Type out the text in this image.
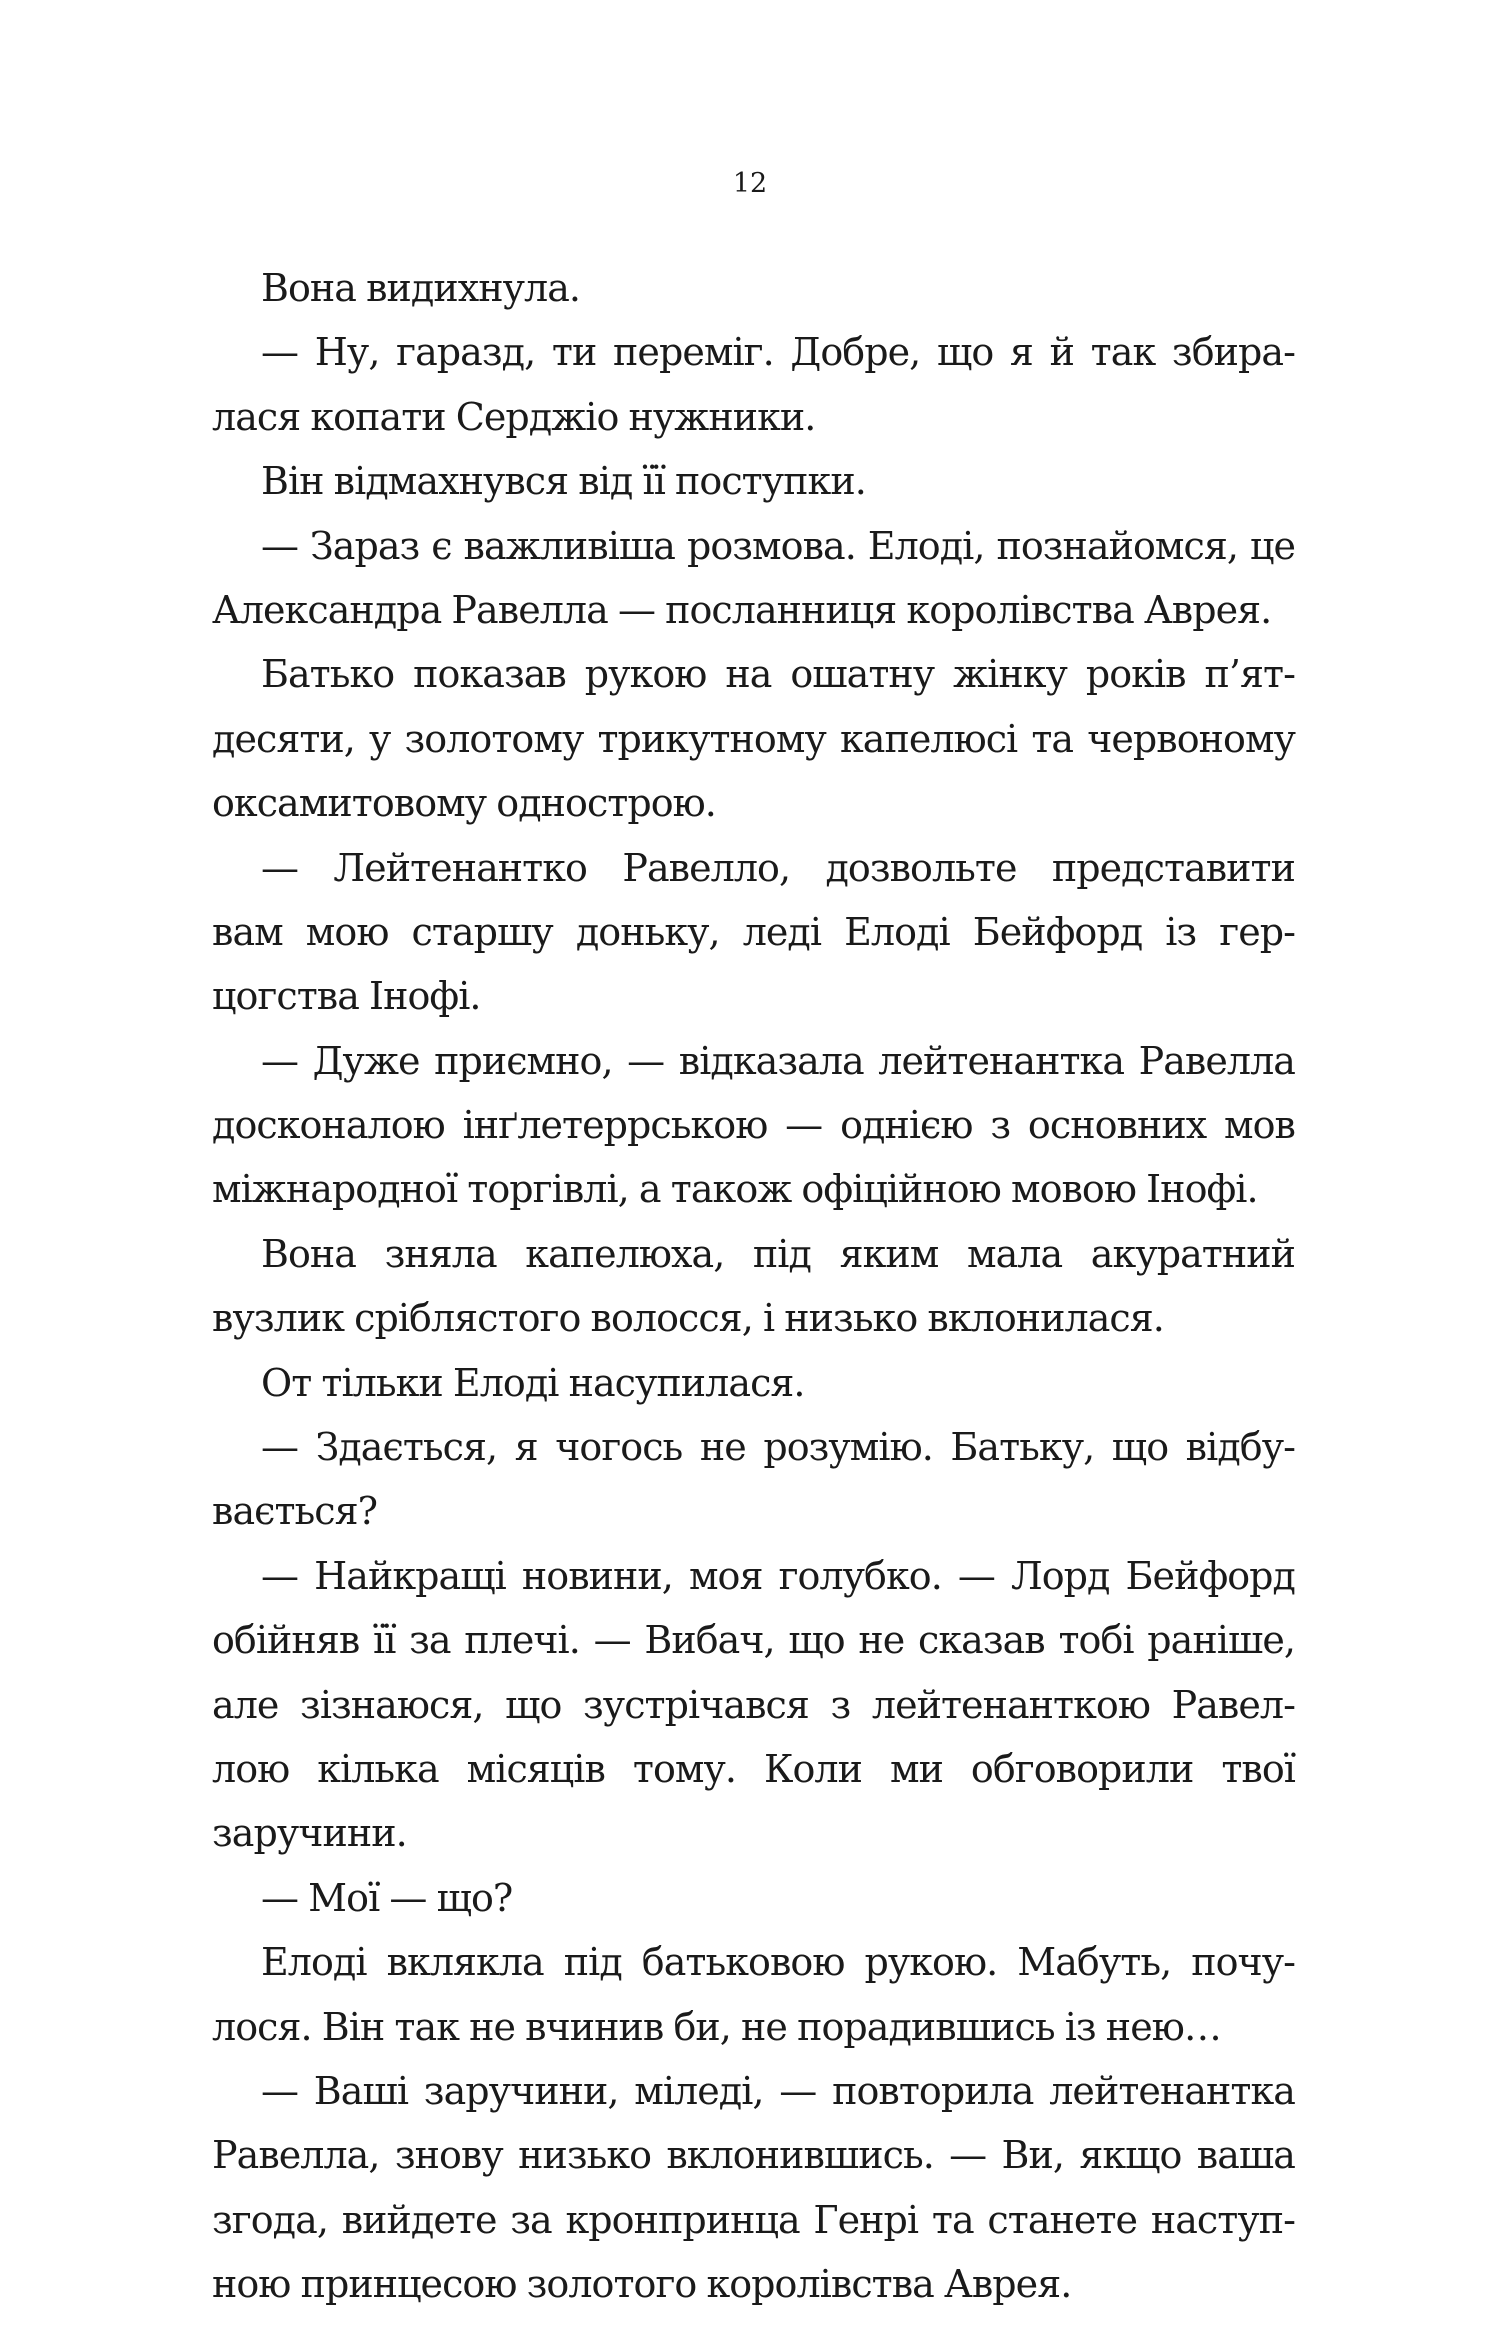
12
Вона видихнула.
— Ну, гаразд, ти переміг. Добре, що я й так збира-
лася копати Серджіо нужники.
Він відмахнувся від її поступки.
— Зараз є важливіша розмова. Елоді, познайомся, це
Александра Равелла — посланниця королівства Аврея.
Батько показав рукою на ошатну жінку років п’ят-
десяти, у золотому трикутному капелюсі та червоному
оксамитовому однострою.
— Лейтенантко Равелло, дозвольте представити
вам мою старшу доньку, леді Елоді Бейфорд із гер-
цогства Інофі.
— Дуже приємно, — відказала лейтенантка Равелла
досконалою інґлетеррською — однією з основних мов
міжнародної торгівлі, а також офіційною мовою Інофі.
Вона зняла капелюха, під яким мала акуратний
вузлик сріблястого волосся, і низько вклонилася.
От тільки Елоді насупилася.
— Здається, я чогось не розумію. Батьку, що відбу-
вається?
— Найкращі новини, моя голубко. — Лорд Бейфорд
обійняв її за плечі. — Вибач, що не сказав тобі раніше,
але зізнаюся, що зустрічався з лейтенанткою Равел-
лою кілька місяців тому. Коли ми обговорили твої
заручини.
— Мої — що?
Елоді вклякла під батьковою рукою. Мабуть, почу-
лося. Він так не вчинив би, не порадившись із нею…
— Ваші заручини, міледі, — повторила лейтенантка
Равелла, знову низько вклонившись. — Ви, якщо ваша
згода, вийдете за кронпринца Генрі та станете наступ-
ною принцесою золотого королівства Аврея.
